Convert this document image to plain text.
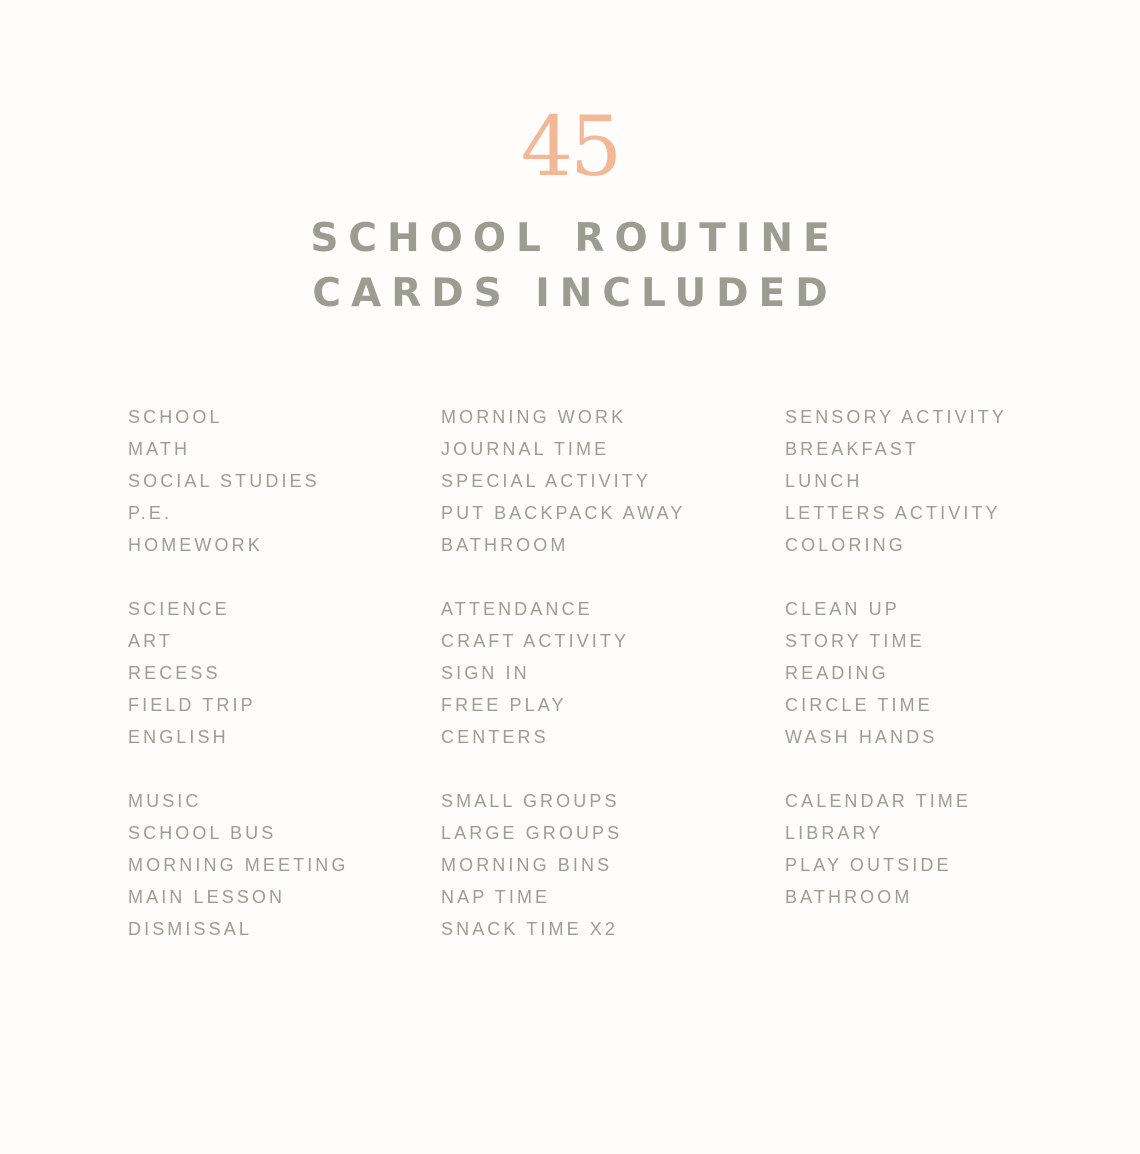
45
SCHOOL ROUTINE
CARDS INCLUDED
SCHOOL
MATH
SOCIAL STUDIES
P.E.
HOMEWORK
SCIENCE
ART
RECESS
FIELD TRIP
ENGLISH
MUSIC
SCHOOL BUS
MORNING MEETING
MAIN LESSON
DISMISSAL
MORNING WORK
JOURNAL TIME
SPECIAL ACTIVITY
PUT BACKPACK AWAY
BATHROOM
ATTENDANCE
CRAFT ACTIVITY
SIGN IN
FREE PLAY
CENTERS
SMALL GROUPS
LARGE GROUPS
MORNING BINS
NAP TIME
SNACK TIME X2
SENSORY ACTIVITY
BREAKFAST
LUNCH
LETTERS ACTIVITY
COLORING
CLEAN UP
STORY TIME
READING
CIRCLE TIME
WASH HANDS
CALENDAR TIME
LIBRARY
PLAY OUTSIDE
BATHROOM
